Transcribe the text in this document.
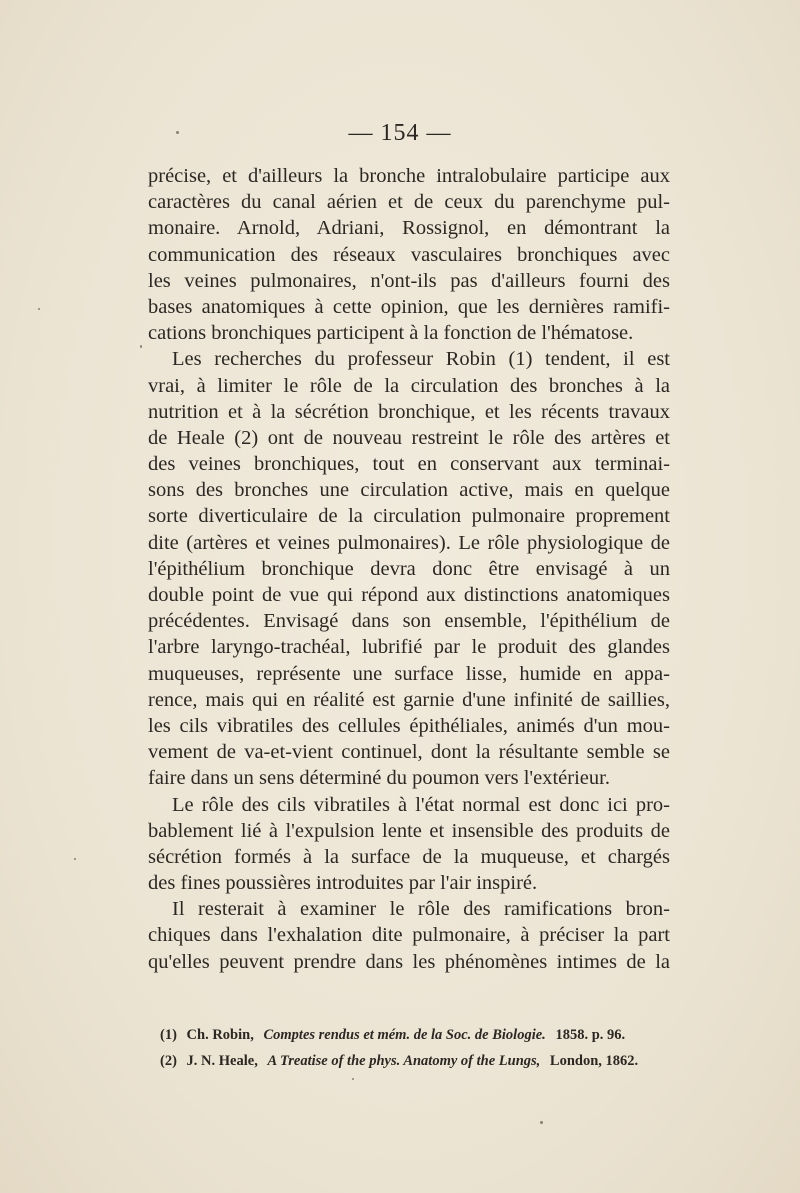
— 154 —
précise, et d'ailleurs la bronche intralobulaire participe aux
caractères du canal aérien et de ceux du parenchyme pul-
monaire. Arnold, Adriani, Rossignol, en démontrant la
communication des réseaux vasculaires bronchiques avec
les veines pulmonaires, n'ont-ils pas d'ailleurs fourni des
bases anatomiques à cette opinion, que les dernières ramifi-
cations bronchiques participent à la fonction de l'hématose.
Les recherches du professeur Robin (1) tendent, il est
vrai, à limiter le rôle de la circulation des bronches à la
nutrition et à la sécrétion bronchique, et les récents travaux
de Heale (2) ont de nouveau restreint le rôle des artères et
des veines bronchiques, tout en conservant aux terminai-
sons des bronches une circulation active, mais en quelque
sorte diverticulaire de la circulation pulmonaire proprement
dite (artères et veines pulmonaires). Le rôle physiologique de
l'épithélium bronchique devra donc être envisagé à un
double point de vue qui répond aux distinctions anatomiques
précédentes. Envisagé dans son ensemble, l'épithélium de
l'arbre laryngo-trachéal, lubrifié par le produit des glandes
muqueuses, représente une surface lisse, humide en appa-
rence, mais qui en réalité est garnie d'une infinité de saillies,
les cils vibratiles des cellules épithéliales, animés d'un mou-
vement de va-et-vient continuel, dont la résultante semble se
faire dans un sens déterminé du poumon vers l'extérieur.
Le rôle des cils vibratiles à l'état normal est donc ici pro-
bablement lié à l'expulsion lente et insensible des produits de
sécrétion formés à la surface de la muqueuse, et chargés
des fines poussières introduites par l'air inspiré.
Il resterait à examiner le rôle des ramifications bron-
chiques dans l'exhalation dite pulmonaire, à préciser la part
qu'elles peuvent prendre dans les phénomènes intimes de la
(1) Ch. Robin, Comptes rendus et mém. de la Soc. de Biologie. 1858. p. 96.
(2) J. N. Heale, A Treatise of the phys. Anatomy of the Lungs, London, 1862.
